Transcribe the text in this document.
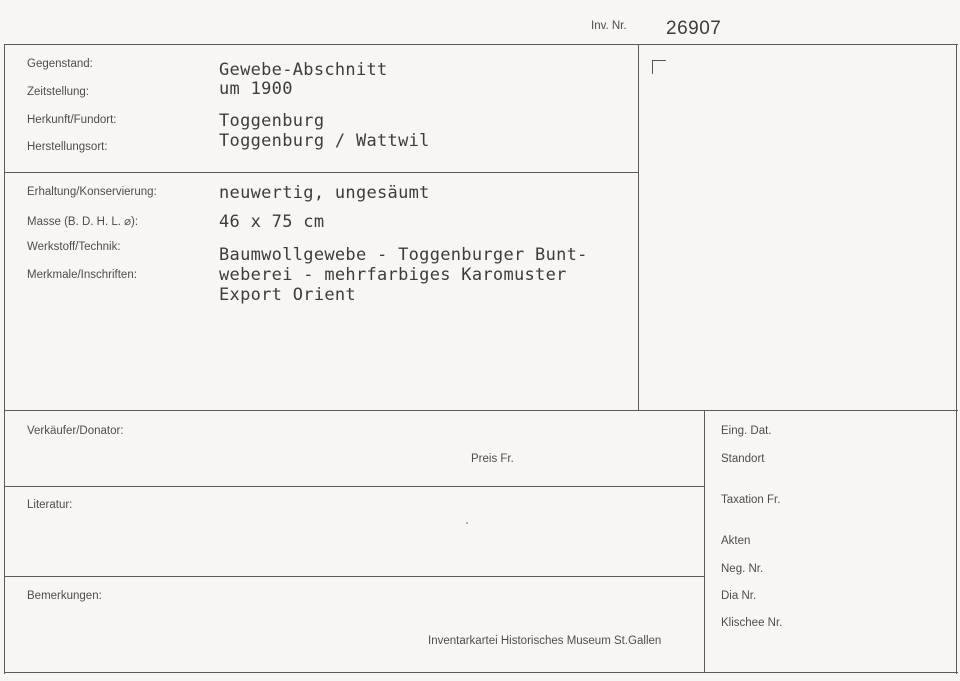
Inv. Nr. 26907
Gegenstand:
Zeitstellung:
Herkunft/Fundort:
Herstellungsort:
Gewebe-Abschnitt
um 1900
Toggenburg
Toggenburg / Wattwil
Erhaltung/Konservierung:
Masse (B. D. H. L. ⌀):
Werkstoff/Technik:
Merkmale/Inschriften:
neuwertig, ungesäumt
46 x 75 cm
Baumwollgewebe - Toggenburger Bunt-
weberei - mehrfarbiges Karomuster
Export Orient
Verkäufer/Donator:
Preis Fr.
Literatur:
Bemerkungen:
Inventarkartei Historisches Museum St.Gallen
Eing. Dat.
Standort
Taxation Fr.
Akten
Neg. Nr.
Dia Nr.
Klischee Nr.
